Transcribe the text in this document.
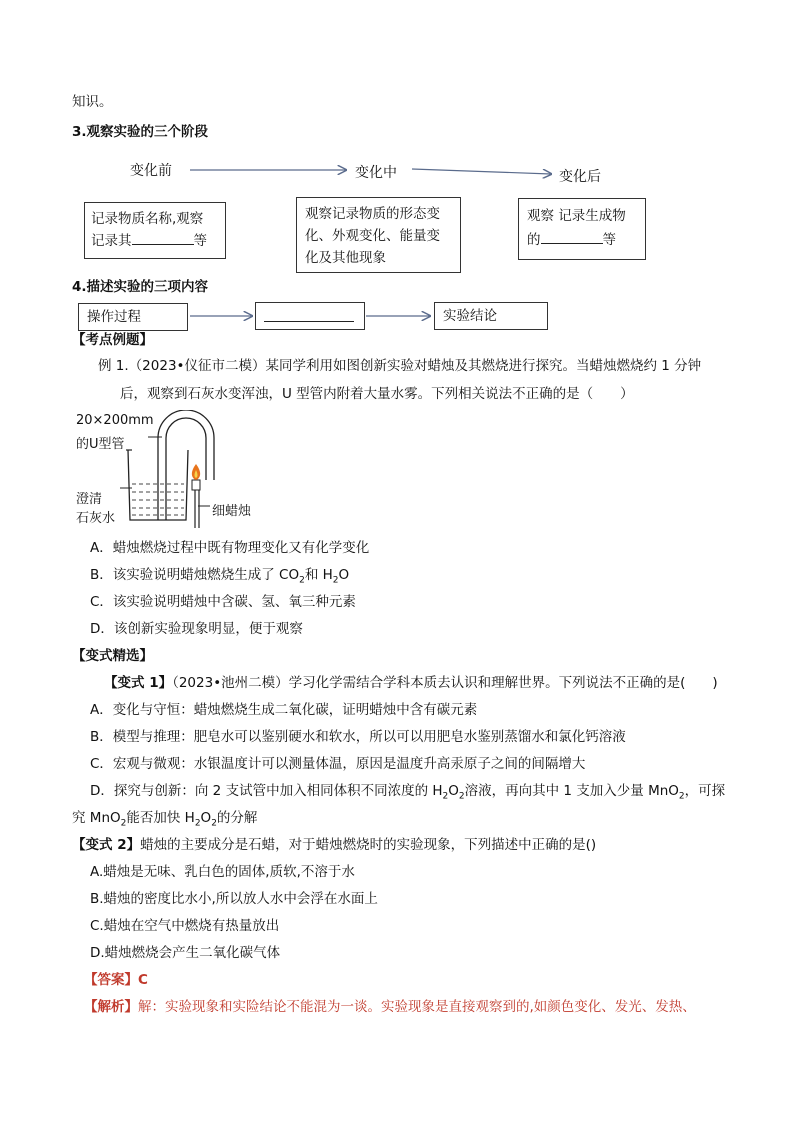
知识。
3.观察实验的三个阶段
变化前	变化中	变化后
记录物质名称,观察
记录其	等
观察记录物质的形态变
化、外观变化、能量变
化及其他现象
观察 记录生成物
的	等
4.描述实验的三项内容
操作过程	实验结论
【考点例题】
例 1.（2023•仪征市二模）某同学利用如图创新实验对蜡烛及其燃烧进行探究。当蜡烛燃烧约 1 分钟
后，观察到石灰水变浑浊，U 型管内附着大量水雾。下列相关说法不正确的是（　　）
20×200mm
的U型管
澄清
石灰水	细蜡烛
A．蜡烛燃烧过程中既有物理变化又有化学变化
B．该实验说明蜡烛燃烧生成了 $CO_2$和 $H_2O$
C．该实验说明蜡烛中含碳、氢、氧三种元素
D．该创新实验现象明显，便于观察
【变式精选】
【变式 1】（2023•池州二模）学习化学需结合学科本质去认识和理解世界。下列说法不正确的是(　　)
A．变化与守恒：蜡烛燃烧生成二氧化碳，证明蜡烛中含有碳元素
B．模型与推理：肥皂水可以鉴别硬水和软水，所以可以用肥皂水鉴别蒸馏水和氯化钙溶液
C．宏观与微观：水银温度计可以测量体温，原因是温度升高汞原子之间的间隔增大
D．探究与创新：向 2 支试管中加入相同体积不同浓度的 $H_2O_2$溶液，再向其中 1 支加入少量 MnO$_2$，可探
究 MnO$_2$能否加快 $H_2O_2$的分解
【变式 2】蜡烛的主要成分是石蜡，对于蜡烛燃烧时的实验现象，下列描述中正确的是()
A.蜡烛是无味、乳白色的固体,质软,不溶于水
B.蜡烛的密度比水小,所以放人水中会浮在水面上
C.蜡烛在空气中燃烧有热量放出
D.蜡烛燃烧会产生二氧化碳气体
【答案】C
【解析】解：实验现象和实险结论不能混为一谈。实验现象是直接观察到的,如颜色变化、发光、发热、
